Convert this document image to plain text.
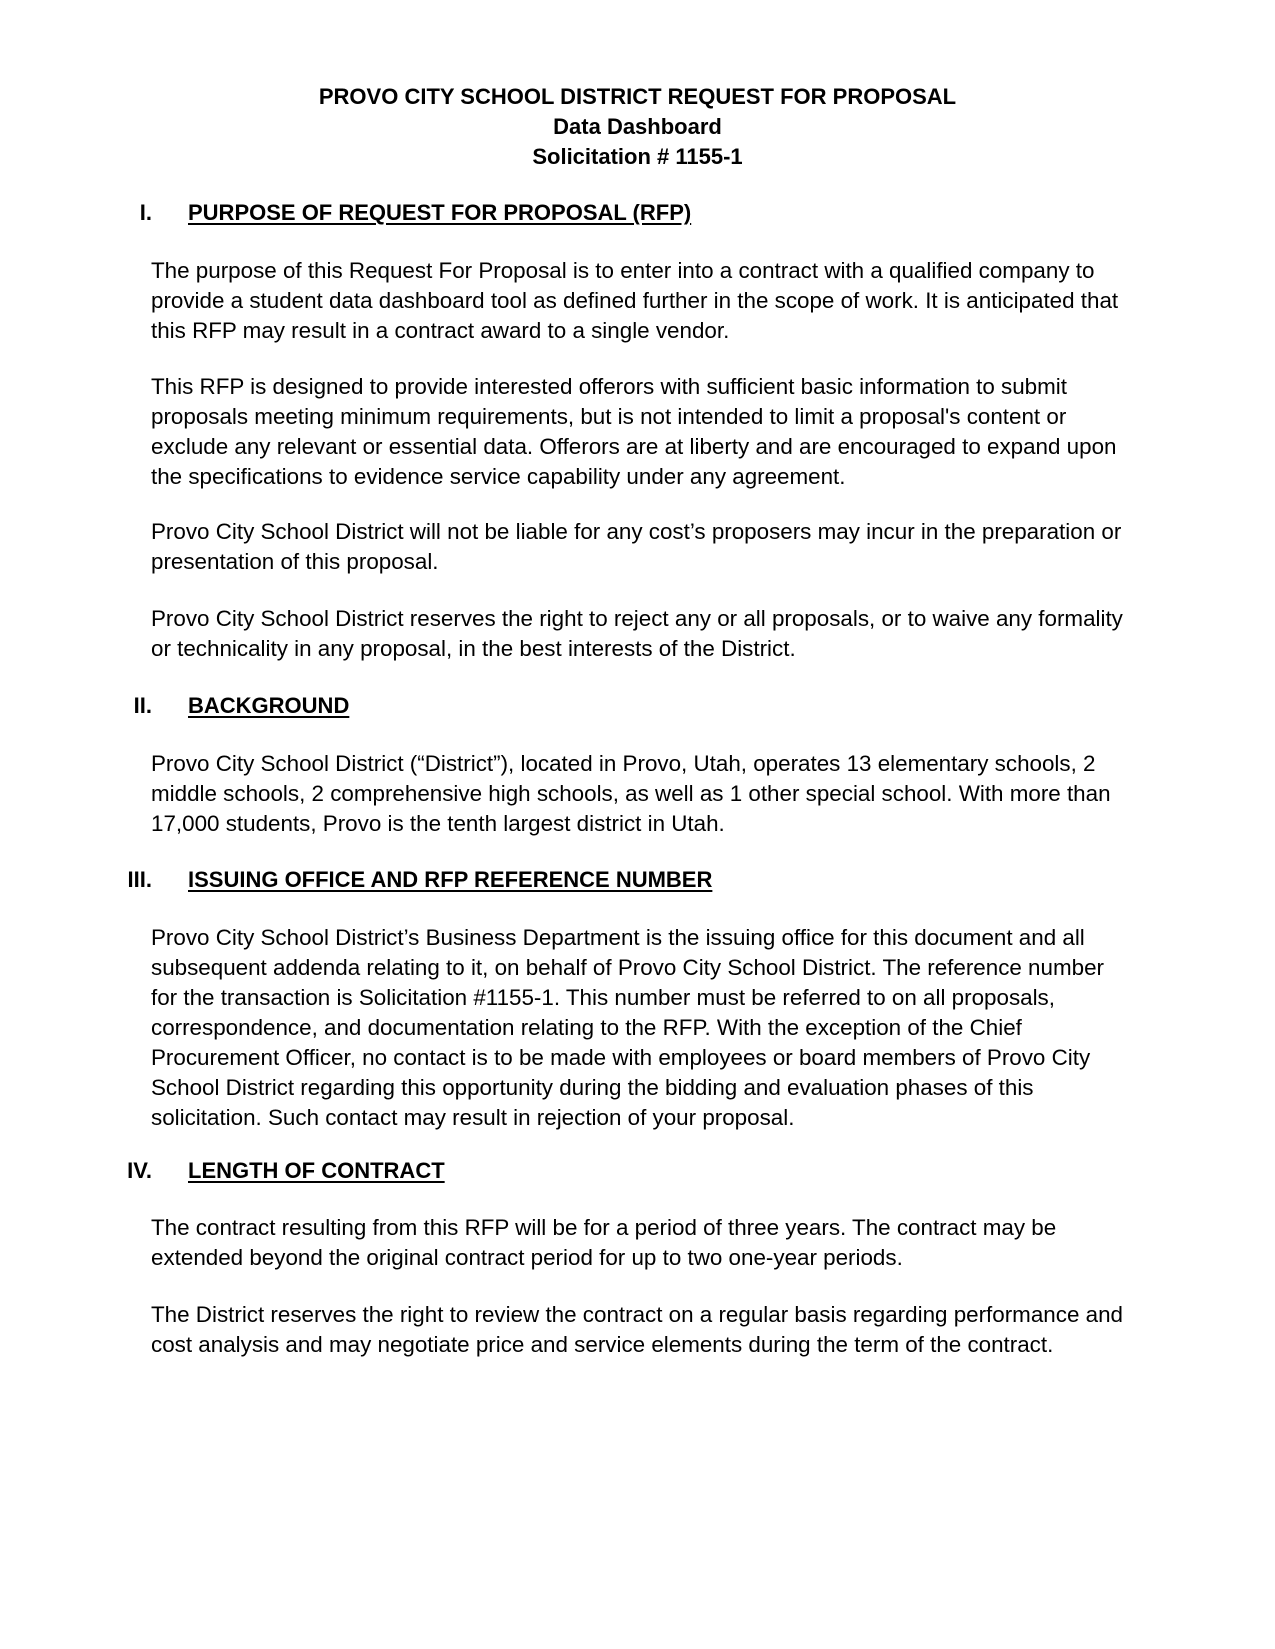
PROVO CITY SCHOOL DISTRICT REQUEST FOR PROPOSAL
Data Dashboard
Solicitation # 1155-1
I. PURPOSE OF REQUEST FOR PROPOSAL (RFP)

The purpose of this Request For Proposal is to enter into a contract with a qualified company to provide a student data dashboard tool as defined further in the scope of work. It is anticipated that this RFP may result in a contract award to a single vendor.

This RFP is designed to provide interested offerors with sufficient basic information to submit proposals meeting minimum requirements, but is not intended to limit a proposal's content or exclude any relevant or essential data. Offerors are at liberty and are encouraged to expand upon the specifications to evidence service capability under any agreement.

Provo City School District will not be liable for any cost’s proposers may incur in the preparation or presentation of this proposal.

Provo City School District reserves the right to reject any or all proposals, or to waive any formality or technicality in any proposal, in the best interests of the District.

II. BACKGROUND

Provo City School District (“District”), located in Provo, Utah, operates 13 elementary schools, 2 middle schools, 2 comprehensive high schools, as well as 1 other special school. With more than 17,000 students, Provo is the tenth largest district in Utah.

III. ISSUING OFFICE AND RFP REFERENCE NUMBER

Provo City School District’s Business Department is the issuing office for this document and all subsequent addenda relating to it, on behalf of Provo City School District. The reference number for the transaction is Solicitation #1155-1. This number must be referred to on all proposals, correspondence, and documentation relating to the RFP. With the exception of the Chief Procurement Officer, no contact is to be made with employees or board members of Provo City School District regarding this opportunity during the bidding and evaluation phases of this solicitation. Such contact may result in rejection of your proposal.

IV. LENGTH OF CONTRACT

The contract resulting from this RFP will be for a period of three years. The contract may be extended beyond the original contract period for up to two one-year periods.

The District reserves the right to review the contract on a regular basis regarding performance and cost analysis and may negotiate price and service elements during the term of the contract.
